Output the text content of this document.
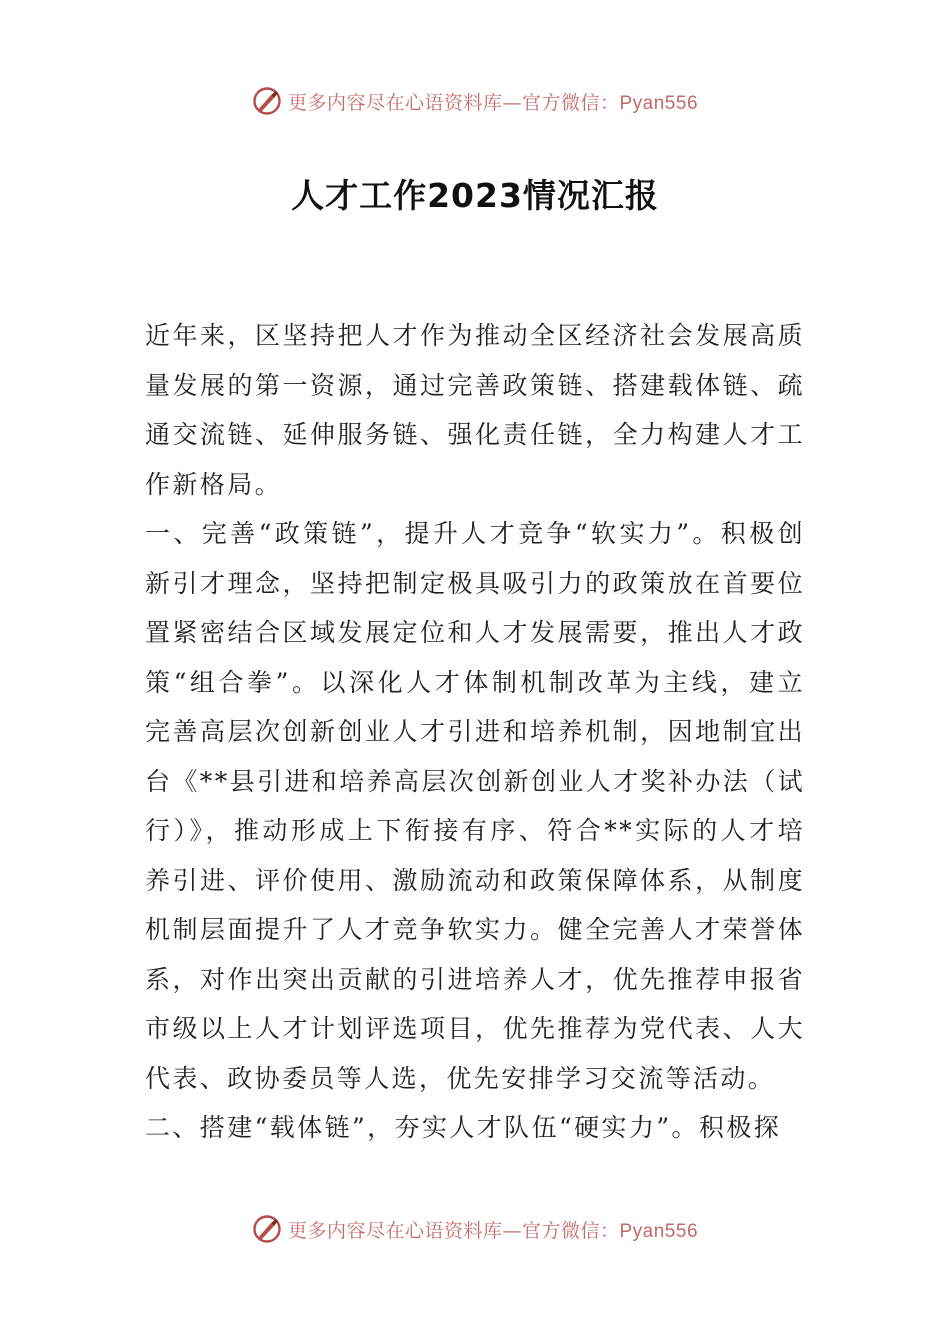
更多内容尽在心语资料库—官方微信：Pyan556
人才工作2023情况汇报

近年来，区坚持把人才作为推动全区经济社会发展高质量发展的第一资源，通过完善政策链、搭建载体链、疏通交流链、延伸服务链、强化责任链，全力构建人才工作新格局。

一、完善“政策链”，提升人才竞争“软实力”。积极创新引才理念，坚持把制定极具吸引力的政策放在首要位置紧密结合区域发展定位和人才发展需要，推出人才政策“组合拳”。以深化人才体制机制改革为主线，建立完善高层次创新创业人才引进和培养机制，因地制宜出台《**县引进和培养高层次创新创业人才奖补办法（试行）》，推动形成上下衔接有序、符合**实际的人才培养引进、评价使用、激励流动和政策保障体系，从制度机制层面提升了人才竞争软实力。健全完善人才荣誉体系，对作出突出贡献的引进培养人才，优先推荐申报省市级以上人才计划评选项目，优先推荐为党代表、人大代表、政协委员等人选，优先安排学习交流等活动。

二、搭建“载体链”，夯实人才队伍“硬实力”。积极探

更多内容尽在心语资料库—官方微信：Pyan556
